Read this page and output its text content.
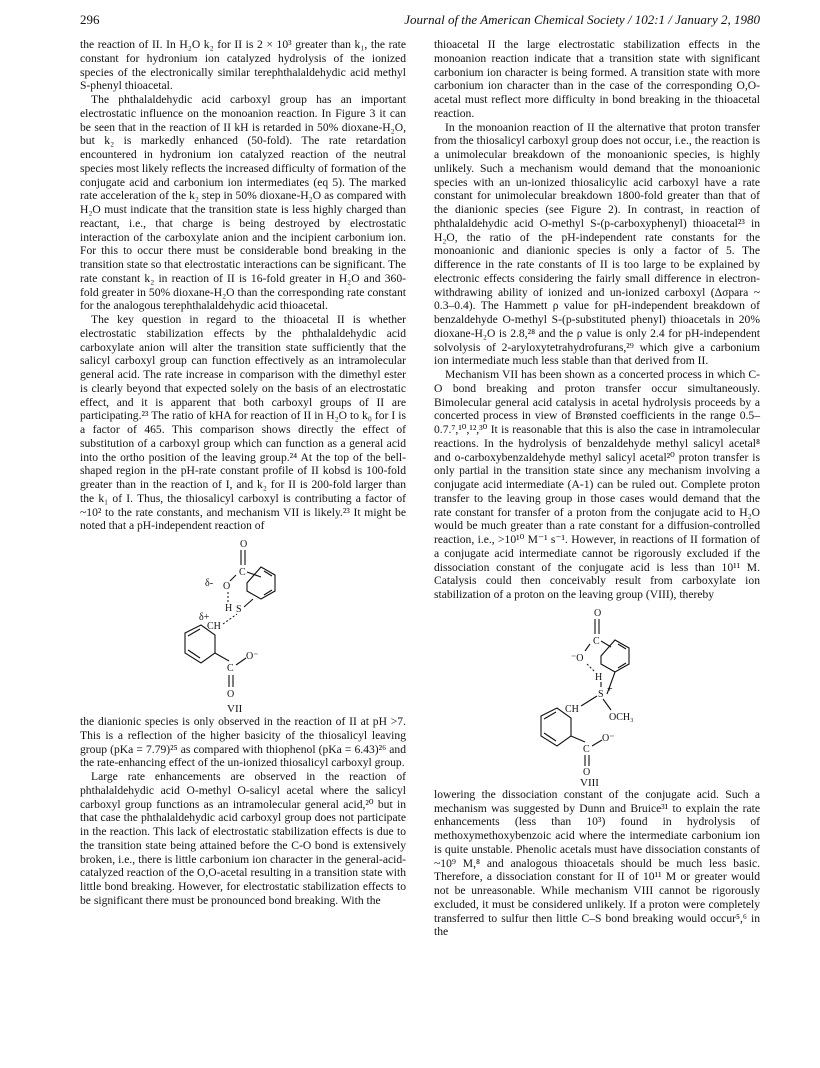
296	Journal of the American Chemical Society / 102:1 / January 2, 1980

the reaction of II. In H₂O k₂ for II is 2 × 10³ greater than k₁, the rate constant for hydronium ion catalyzed hydrolysis of the ionized species of the electronically similar terephthalaldehydic acid methyl S-phenyl thioacetal.

The phthalaldehydic acid carboxyl group has an important electrostatic influence on the monoanion reaction. In Figure 3 it can be seen that in the reaction of II kH is retarded in 50% dioxane-H₂O, but k₂ is markedly enhanced (50-fold). The rate retardation encountered in hydronium ion catalyzed reaction of the neutral species most likely reflects the increased difficulty of formation of the conjugate acid and carbonium ion intermediates (eq 5). The marked rate acceleration of the k₂ step in 50% dioxane-H₂O as compared with H₂O must indicate that the transition state is less highly charged than reactant, i.e., that charge is being destroyed by electrostatic interaction of the carboxylate anion and the incipient carbonium ion. For this to occur there must be considerable bond breaking in the transition state so that electrostatic interactions can be significant. The rate constant k₂ in reaction of II is 16-fold greater in H₂O and 360-fold greater in 50% dioxane-H₂O than the corresponding rate constant for the analogous terephthalaldehydic acid thioacetal.

The key question in regard to the thioacetal II is whether electrostatic stabilization effects by the phthalaldehydic acid carboxylate anion will alter the transition state sufficiently that the salicyl carboxyl group can function effectively as an intramolecular general acid. The rate increase in comparison with the dimethyl ester is clearly beyond that expected solely on the basis of an electrostatic effect, and it is apparent that both carboxyl groups of II are participating.²³ The ratio of kHA for reaction of II in H₂O to k₀ for I is a factor of 465. This comparison shows directly the effect of substitution of a carboxyl group which can function as a general acid into the ortho position of the leaving group.²⁴ At the top of the bell-shaped region in the pH-rate constant profile of II kobsd is 100-fold greater than in the reaction of I, and k₂ for II is 200-fold larger than the k₁ of I. Thus, the thiosalicyl carboxyl is contributing a factor of ~10² to the rate constants, and mechanism VII is likely.²³ It might be noted that a pH-independent reaction of

O
C
δ- O
H S
δ+
CH
C
O⁻
O
VII

the dianionic species is only observed in the reaction of II at pH >7. This is a reflection of the higher basicity of the thiosalicyl leaving group (pKa = 7.79)²⁵ as compared with thiophenol (pKa = 6.43)²⁶ and the rate-enhancing effect of the un-ionized thiosalicyl carboxyl group.

Large rate enhancements are observed in the reaction of phthalaldehydic acid O-methyl O-salicyl acetal where the salicyl carboxyl group functions as an intramolecular general acid,²⁰ but in that case the phthalaldehydic acid carboxyl group does not participate in the reaction. This lack of electrostatic stabilization effects is due to the transition state being attained before the C-O bond is extensively broken, i.e., there is little carbonium ion character in the general-acid-catalyzed reaction of the O,O-acetal resulting in a transition state with little bond breaking. However, for electrostatic stabilization effects to be significant there must be pronounced bond breaking. With the

thioacetal II the large electrostatic stabilization effects in the monoanion reaction indicate that a transition state with significant carbonium ion character is being formed. A transition state with more carbonium ion character than in the case of the corresponding O,O-acetal must reflect more difficulty in bond breaking in the thioacetal reaction.

In the monoanion reaction of II the alternative that proton transfer from the thiosalicyl carboxyl group does not occur, i.e., the reaction is a unimolecular breakdown of the monoanionic species, is highly unlikely. Such a mechanism would demand that the monoanionic species with an un-ionized thiosalicylic acid carboxyl have a rate constant for unimolecular breakdown 1800-fold greater than that of the dianionic species (see Figure 2). In contrast, in reaction of phthalaldehydic acid O-methyl S-(p-carboxyphenyl) thioacetal²³ in H₂O, the ratio of the pH-independent rate constants for the monoanionic and dianionic species is only a factor of 5. The difference in the rate constants of II is too large to be explained by electronic effects considering the fairly small difference in electron-withdrawing ability of ionized and un-ionized carboxyl (Δσpara ~ 0.3–0.4). The Hammett ρ value for pH-independent breakdown of benzaldehyde O-methyl S-(p-substituted phenyl) thioacetals in 20% dioxane-H₂O is 2.8,²⁸ and the ρ value is only 2.4 for pH-independent solvolysis of 2-aryloxytetrahydrofurans,²⁹ which give a carbonium ion intermediate much less stable than that derived from II.

Mechanism VII has been shown as a concerted process in which C-O bond breaking and proton transfer occur simultaneously. Bimolecular general acid catalysis in acetal hydrolysis proceeds by a concerted process in view of Brønsted coefficients in the range 0.5–0.7.⁷,¹⁰,¹²,³⁰ It is reasonable that this is also the case in intramolecular reactions. In the hydrolysis of benzaldehyde methyl salicyl acetal⁸ and o-carboxybenzaldehyde methyl salicyl acetal²⁰ proton transfer is only partial in the transition state since any mechanism involving a conjugate acid intermediate (A-1) can be ruled out. Complete proton transfer to the leaving group in those cases would demand that the rate constant for transfer of a proton from the conjugate acid to H₂O would be much greater than a rate constant for a diffusion-controlled reaction, i.e., >10¹⁰ M⁻¹ s⁻¹. However, in reactions of II formation of a conjugate acid intermediate cannot be rigorously excluded if the dissociation constant of the conjugate acid is less than 10¹¹ M. Catalysis could then conceivably result from carboxylate ion stabilization of a proton on the leaving group (VIII), thereby

O
C
⁻O
H
+
S
CH
OCH₃
C
O⁻
O
VIII

lowering the dissociation constant of the conjugate acid. Such a mechanism was suggested by Dunn and Bruice³¹ to explain the rate enhancements (less than 10³) found in hydrolysis of methoxymethoxybenzoic acid where the intermediate carbonium ion is quite unstable. Phenolic acetals must have dissociation constants of ~10⁹ M,⁸ and analogous thioacetals should be much less basic. Therefore, a dissociation constant for II of 10¹¹ M or greater would not be unreasonable. While mechanism VIII cannot be rigorously excluded, it must be considered unlikely. If a proton were completely transferred to sulfur then little C–S bond breaking would occur⁵,⁶ in the
